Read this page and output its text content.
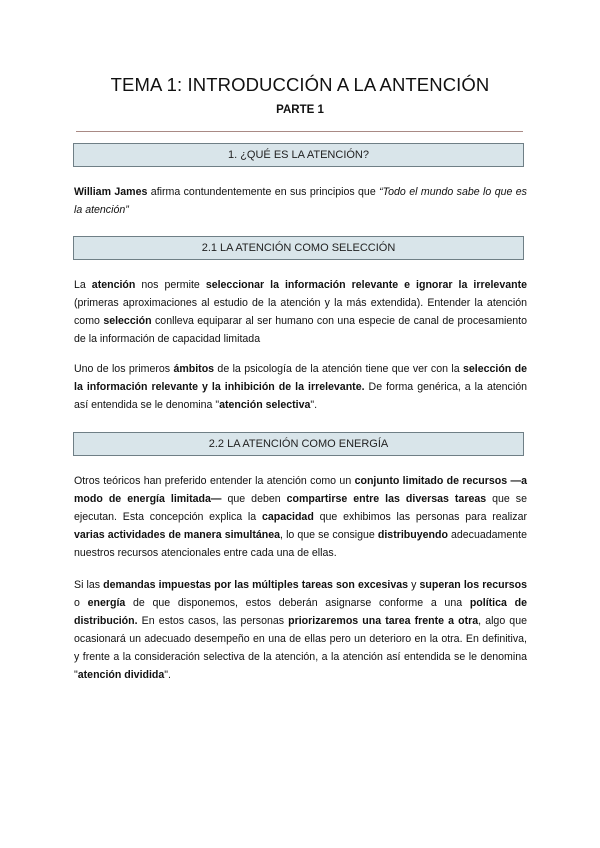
TEMA 1: INTRODUCCIÓN A LA ANTENCIÓN
PARTE 1
1. ¿QUÉ ES LA ATENCIÓN?
William James afirma contundentemente en sus principios que “Todo el mundo sabe lo que es la atención”
2.1 LA ATENCIÓN COMO SELECCIÓN
La atención nos permite seleccionar la información relevante e ignorar la irrelevante (primeras aproximaciones al estudio de la atención y la más extendida). Entender la atención como selección conlleva equiparar al ser humano con una especie de canal de procesamiento de la información de capacidad limitada
Uno de los primeros ámbitos de la psicología de la atención tiene que ver con la selección de la información relevante y la inhibición de la irrelevante. De forma genérica, a la atención así entendida se le denomina "atención selectiva".
2.2 LA ATENCIÓN COMO ENERGÍA
Otros teóricos han preferido entender la atención como un conjunto limitado de recursos —a modo de energía limitada— que deben compartirse entre las diversas tareas que se ejecutan. Esta concepción explica la capacidad que exhibimos las personas para realizar varias actividades de manera simultánea, lo que se consigue distribuyendo adecuadamente nuestros recursos atencionales entre cada una de ellas.
Si las demandas impuestas por las múltiples tareas son excesivas y superan los recursos o energía de que disponemos, estos deberán asignarse conforme a una política de distribución. En estos casos, las personas priorizaremos una tarea frente a otra, algo que ocasionará un adecuado desempeño en una de ellas pero un deterioro en la otra. En definitiva, y frente a la consideración selectiva de la atención, a la atención así entendida se le denomina "atención dividida".
